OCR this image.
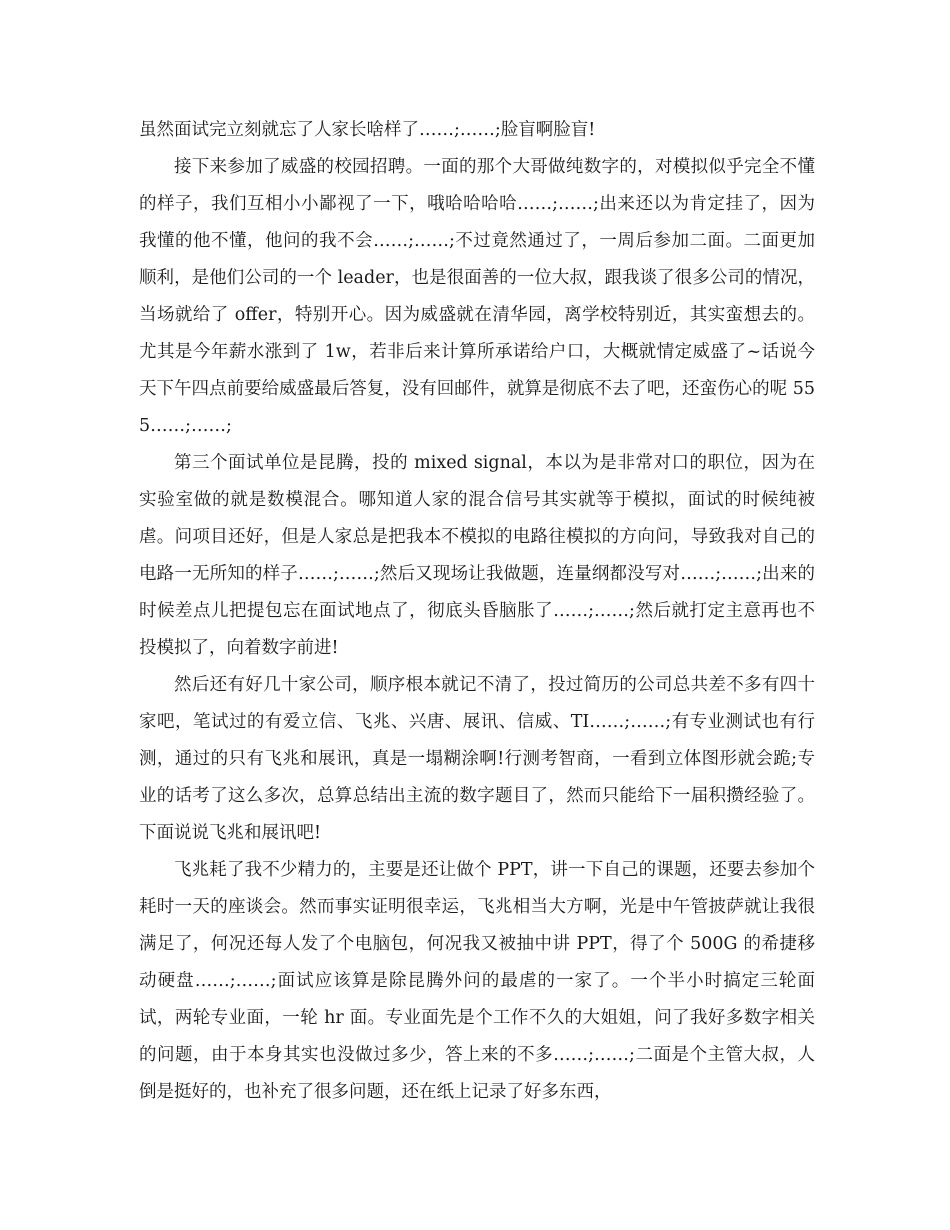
虽然面试完立刻就忘了人家长啥样了……;……;脸盲啊脸盲!

接下来参加了威盛的校园招聘。一面的那个大哥做纯数字的，对模拟似乎完全不懂的样子，我们互相小小鄙视了一下，哦哈哈哈哈……;……;出来还以为肯定挂了，因为我懂的他不懂，他问的我不会……;……;不过竟然通过了，一周后参加二面。二面更加顺利，是他们公司的一个 leader，也是很面善的一位大叔，跟我谈了很多公司的情况，当场就给了 offer，特别开心。因为威盛就在清华园，离学校特别近，其实蛮想去的。尤其是今年薪水涨到了 1w，若非后来计算所承诺给户口，大概就情定威盛了~话说今天下午四点前要给威盛最后答复，没有回邮件，就算是彻底不去了吧，还蛮伤心的呢 555……;……;

第三个面试单位是昆腾，投的 mixed signal，本以为是非常对口的职位，因为在实验室做的就是数模混合。哪知道人家的混合信号其实就等于模拟，面试的时候纯被虐。问项目还好，但是人家总是把我本不模拟的电路往模拟的方向问，导致我对自己的电路一无所知的样子……;……;然后又现场让我做题，连量纲都没写对……;……;出来的时候差点儿把提包忘在面试地点了，彻底头昏脑胀了……;……;然后就打定主意再也不投模拟了，向着数字前进!

然后还有好几十家公司，顺序根本就记不清了，投过简历的公司总共差不多有四十家吧，笔试过的有爱立信、飞兆、兴唐、展讯、信威、TI……;……;有专业测试也有行测，通过的只有飞兆和展讯，真是一塌糊涂啊!行测考智商，一看到立体图形就会跪;专业的话考了这么多次，总算总结出主流的数字题目了，然而只能给下一届积攒经验了。下面说说飞兆和展讯吧!

飞兆耗了我不少精力的，主要是还让做个 PPT，讲一下自己的课题，还要去参加个耗时一天的座谈会。然而事实证明很幸运，飞兆相当大方啊，光是中午管披萨就让我很满足了，何况还每人发了个电脑包，何况我又被抽中讲 PPT，得了个 500G 的希捷移动硬盘……;……;面试应该算是除昆腾外问的最虐的一家了。一个半小时搞定三轮面试，两轮专业面，一轮 hr 面。专业面先是个工作不久的大姐姐，问了我好多数字相关的问题，由于本身其实也没做过多少，答上来的不多……;……;二面是个主管大叔，人倒是挺好的，也补充了很多问题，还在纸上记录了好多东西，
